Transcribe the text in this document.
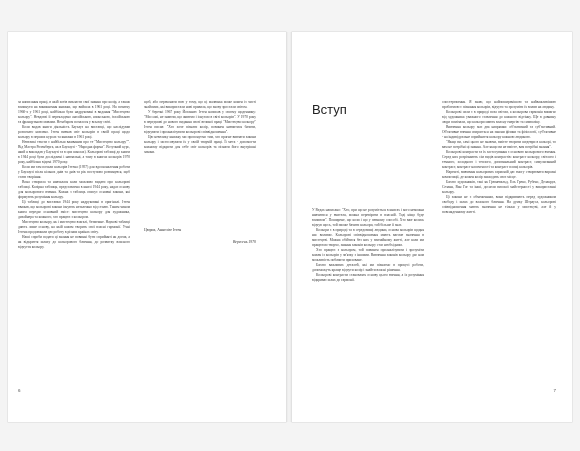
за написання праці, в якій хотів викласти свої знання про колір, а також вплинути на виникнення книжки, що вийшла в 1961 році. На початку 1960-х у 1961 році, найбільш були надруковані в видання "Мистецтво кольору". Невдовзі її перекладено англійською, японською, італійською та французькою мовами. Незабаром почалося у всьому світі.

Коли видав книги діяльність Баухауз на виставці, що наслідував розпочато новлено. Іттен вивчав світ кольорів в своїй праці щодо кольору в перших курсах та книжки в 1961 році.

Невеликі тексти є найбільш вживаним про те "Мистецтво кольору"". Від Мастра Розенберга, як в Баухаузі - "Народна форма". Вступний курс, який я викладав у Баухаузі та в цих школах). Кольорові таблиці до книги в 1944 році були досліджені і навчальні, а тому в книгах кольорів 1970 року, найбільш відомі 1970 року.

Коли ми там почали кольорів Іттена (1957) для вдосконалення роботи у Баухаузі після кількох днів та днів та рік поступово розвинувся, щоб стати творіння.

Вона створила та навчалася коли можливо видати про кольорові таблиці. Колірна таблиця, представлена в книзі 1944 року, надає основу для кольорового вчення. Кожна з таблиць описує основні закони, які формують розуміння кольору.

Ці таблиці до виставки 1944 року надруковані в оригіналі. Іттен вважав, що кольорові закони існують незалежно від стилю. Таким чином книга передає основний зміст: мистецтво кольору для художника, дизайнера та кожного, хто працює з кольором.

Мистецтво кольору, як і мистецтво взагалі, безмежне. Наукові таблиці дають лише основу, на якій кожен творить свої власні гармонії. Учні Іттена продовжили цю роботу в різних країнах світу.

Наші спроби подати ці знання не повинні бути сприйняті як догма, а як відкриття шляху до кольорового бачення, до розвитку власного відчуття кольору.

щоб, або переконати всю у тому, що ці малюнка може кожен із чисті знайомих, які використали нові правила, що знову зростали світом.

У березні 1967 року Йоганнес Іттен написав у своєму щоденнику: "Ми самі, не знаючи, що живемо і існуємо в світі кольорів". У 1970 року в передмові до нового видання своєї великої праці "Мистецтво кольору" Іттен писав: "Хто хоче пізнати колір, повинен навчитися бачити, відчувати і проаналізувати кольорові співвідношення".

Цю невелику книжку ми пропонуємо тим, хто прагне вивчати закони кольору і застосовувати їх у своїй творчій праці. Її мета - допомогти кожному відкрити для себе світ кольорів та пізнати його внутрішні закони.

Цюрих, Аннелізе Іттен
Вересень 1970
6
Вступ

У Ведах написано: "Хто, при що не розуміється в книгах і кого неможна навчитися у вчителя, можна перевірити в власній. Тоді ніщо буде впливом". Поширене, що коли і що у певному способі. Хто вже колись відчув щось, той зможе бачити кольори, той більше її знає.

Кольори є в природі та в середовищі людини, основа кольорів щодня нас впливає. Кольорові співвідношення мають вагоме значення в мистецтві. Можна обійтися без них у звичайному житті, але коли ми працюємо творчо, знання законів кольору стає необхідним.

Хто працює з кольором, той повинен проаналізувати і зрозуміти кожен із кольорів у зв'язку з іншими. Вивчення законів кольору дає нам можливість побачити приховане.

Багато важливих деталей, які ми пізнаємо в процесі роботи, допоможуть краще відчути колір і знайти власні рішення.

Кольорові контрасти становлять основу цього вчення, а їх розуміння відкриває шлях до гармонії.

спостереження. Я знаю, що найпоширенішою та найважливішою проблемою є пізнання кольорів, відчути та зрозуміти їх вплив на людину.

Кольорові сили є в природі поза світом, а кольорова гармонія вимагає від художника уважного ставлення до кожного відтінку. Ще в давнину люди помічали, що кольори мають власну енергію та символіку.

Вивчення кольору має два напрямки: об'єктивний та суб'єктивний. Об'єктивне вчення спирається на закони фізики та фізіології, суб'єктивне - на індивідуальне сприйняття кольору кожною людиною.

"Якщо ви, самі цього не знаючи, вмієте творити шедеври в кольорі, то вам не потрібні ці знання. Але якщо ви не вмієте, вам потрібні знання".

Кольорові контрасти та їх застосування є основою кольорового вчення. Серед них розрізняють сім видів контрастів: контраст кольору, світлого і темного, холодного і теплого, доповняльний контраст, симультанний контраст, контраст насиченості та контраст площі кольорів.

Нарешті, вивчення кольорових гармоній дає змогу створювати виразні композиції, де кожен колір знаходить своє місце.

Багато художників, такі як Грюневальд, Ель Греко, Рубенс, Делакруа, Сезанн, Ван Гог та інші, досягли високої майстерності у використанні кольору.

Ці закони не є обмеженням, вони відкривають перед художником свободу і шлях до власного бачення. На думку Штрауса, кольорові співвідношення мають значення не тільки у мистецтві, але й у повсякденному житті.

7
